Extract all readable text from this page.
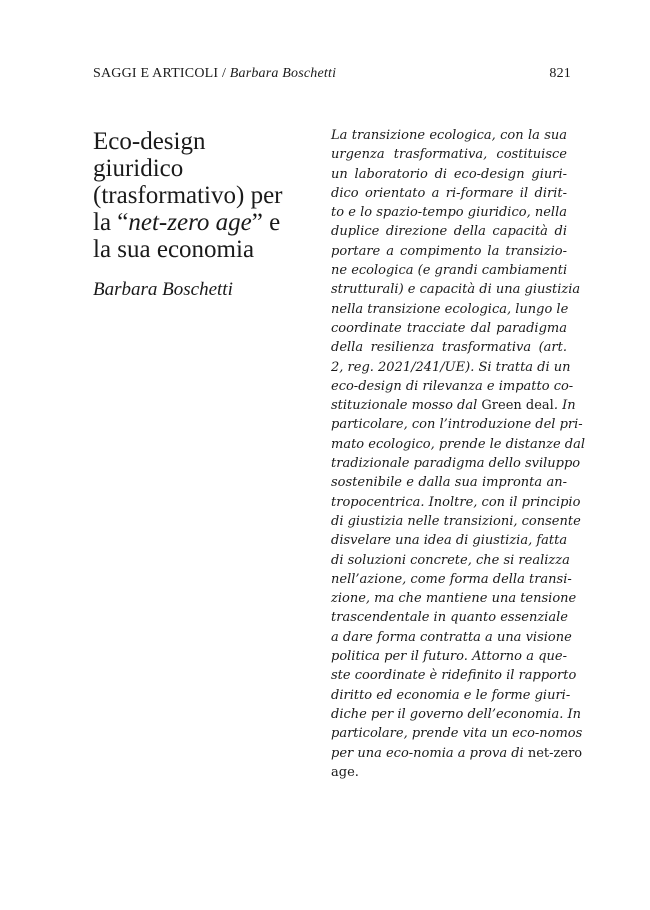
SAGGI E ARTICOLI / Barbara Boschetti	821
Eco-design
giuridico
(trasformativo) per
la “net-zero age” e
la sua economia
Barbara Boschetti
La transizione ecologica, con la sua
urgenza trasformativa, costituisce
un laboratorio di eco-design giuri-
dico orientato a ri-formare il dirit-
to e lo spazio-tempo giuridico, nella
duplice direzione della capacità di
portare a compimento la transizio-
ne ecologica (e grandi cambiamenti
strutturali) e capacità di una giustizia
nella transizione ecologica, lungo le
coordinate tracciate dal paradigma
della resilienza trasformativa (art.
2, reg. 2021/241/UE). Si tratta di un
eco-design di rilevanza e impatto co-
stituzionale mosso dal Green deal. In
particolare, con l’introduzione del pri-
mato ecologico, prende le distanze dal
tradizionale paradigma dello sviluppo
sostenibile e dalla sua impronta an-
tropocentrica. Inoltre, con il principio
di giustizia nelle transizioni, consente
disvelare una idea di giustizia, fatta
di soluzioni concrete, che si realizza
nell’azione, come forma della transi-
zione, ma che mantiene una tensione
trascendentale in quanto essenziale
a dare forma contratta a una visione
politica per il futuro. Attorno a que-
ste coordinate è ridefinito il rapporto
diritto ed economia e le forme giuri-
diche per il governo dell’economia. In
particolare, prende vita un eco-nomos
per una eco-nomia a prova di net-zero
age.
